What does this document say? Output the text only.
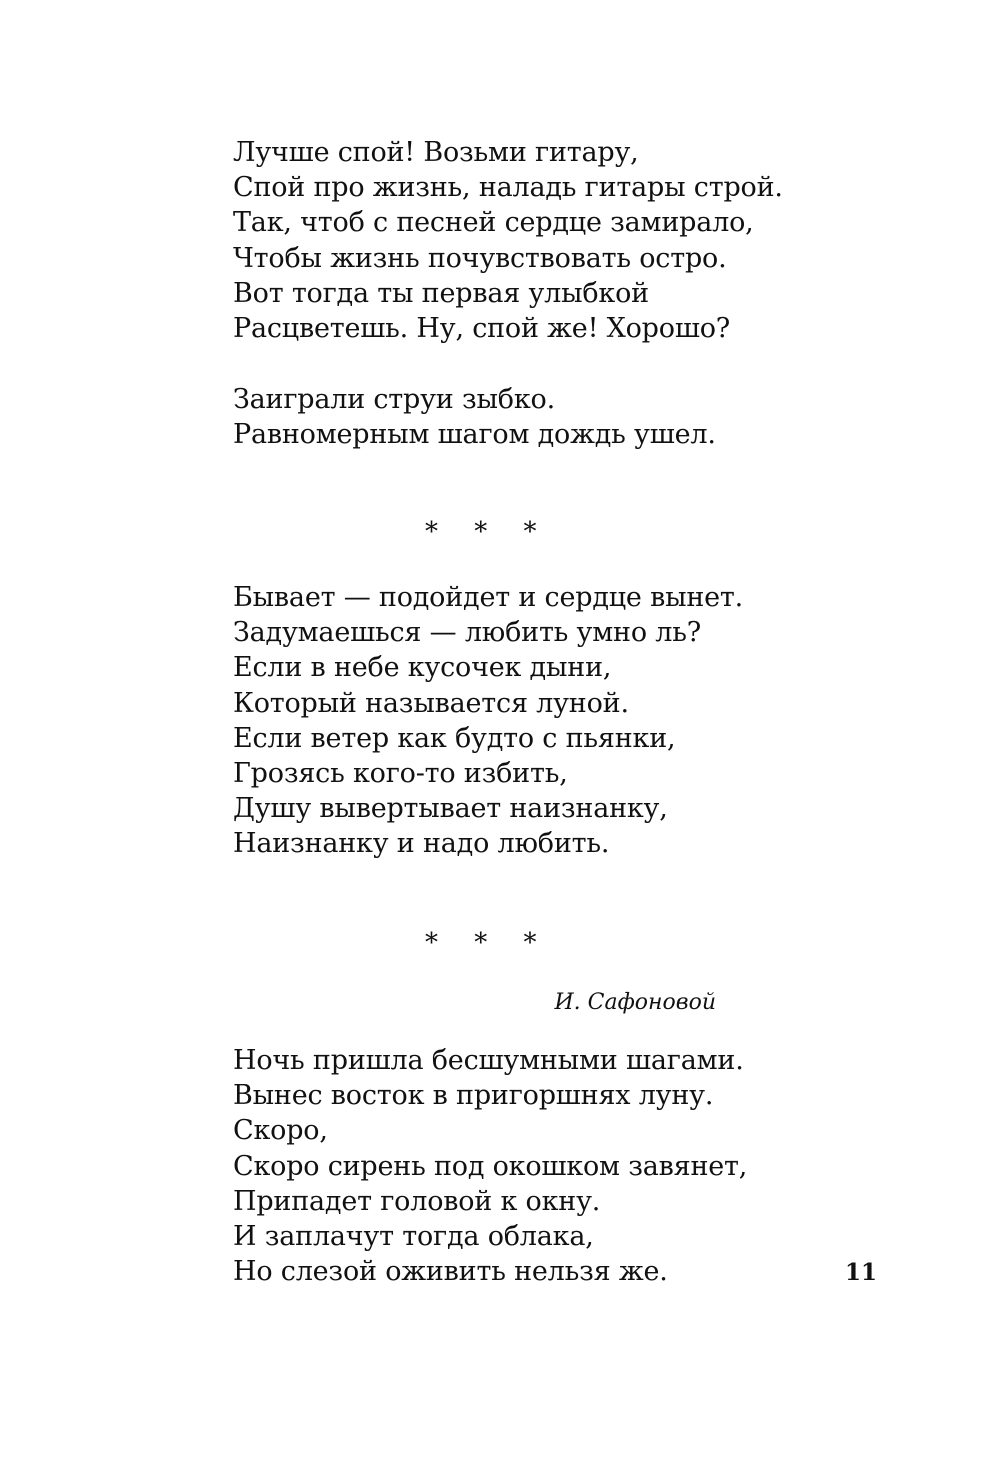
Лучше спой! Возьми гитару,
Спой про жизнь, наладь гитары строй.
Так, чтоб с песней сердце замирало,
Чтобы жизнь почувствовать остро.
Вот тогда ты первая улыбкой
Расцветешь. Ну, спой же! Хорошо?
Заиграли струи зыбко.
Равномерным шагом дождь ушел.
* * *
Бывает — подойдет и сердце вынет.
Задумаешься — любить умно ль?
Если в небе кусочек дыни,
Который называется луной.
Если ветер как будто с пьянки,
Грозясь кого-то избить,
Душу вывертывает наизнанку,
Наизнанку и надо любить.
* * *
И. Сафоновой
Ночь пришла бесшумными шагами.
Вынес восток в пригоршнях луну.
Скоро,
Скоро сирень под окошком завянет,
Припадет головой к окну.
И заплачут тогда облака,
Но слезой оживить нельзя же.	11
